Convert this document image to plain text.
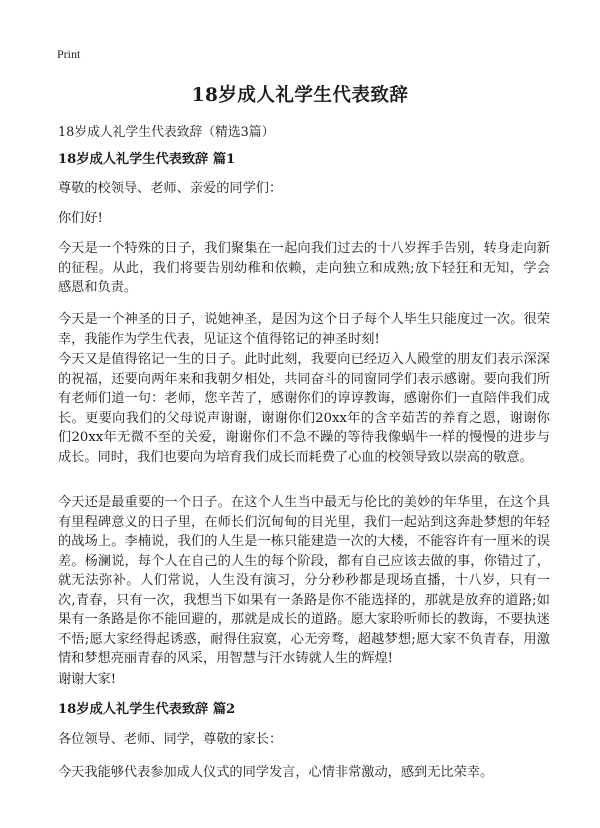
Print
18岁成人礼学生代表致辞
18岁成人礼学生代表致辞（精选3篇）
18岁成人礼学生代表致辞 篇1
尊敬的校领导、老师、亲爱的同学们：
你们好!
今天是一个特殊的日子，我们聚集在一起向我们过去的十八岁挥手告别，转身走向新的征程。从此，我们将要告别幼稚和依赖，走向独立和成熟;放下轻狂和无知，学会感恩和负责。
今天是一个神圣的日子，说她神圣，是因为这个日子每个人毕生只能度过一次。很荣幸，我能作为学生代表，见证这个值得铭记的神圣时刻!
今天又是值得铭记一生的日子。此时此刻，我要向已经迈入人殿堂的朋友们表示深深的祝福，还要向两年来和我朝夕相处，共同奋斗的同窗同学们表示感谢。要向我们所有老师们道一句：老师，您辛苦了，感谢你们的谆谆教诲，感谢你们一直陪伴我们成长。更要向我们的父母说声谢谢，谢谢你们20xx年的含辛茹苦的养育之恩，谢谢你们20xx年无微不至的关爱，谢谢你们不急不躁的等待我像蜗牛一样的慢慢的进步与成长。同时，我们也要向为培育我们成长而耗费了心血的校领导致以崇高的敬意。
今天还是最重要的一个日子。在这个人生当中最无与伦比的美妙的年华里，在这个具有里程碑意义的日子里，在师长们沉甸甸的目光里，我们一起站到这奔赴梦想的年轻的战场上。李楠说，我们的人生是一栋只能建造一次的大楼，不能容许有一厘米的误差。杨澜说，每个人在自己的人生的每个阶段，都有自己应该去做的事，你错过了，就无法弥补。人们常说，人生没有演习，分分秒秒都是现场直播，十八岁，只有一次,青春，只有一次，我想当下如果有一条路是你不能选择的，那就是放弃的道路;如果有一条路是你不能回避的，那就是成长的道路。愿大家聆听师长的教诲，不要执迷不悟;愿大家经得起诱惑，耐得住寂寞，心无旁骛，超越梦想;愿大家不负青春，用激情和梦想亮丽青春的风采，用智慧与汗水铸就人生的辉煌!
谢谢大家!
18岁成人礼学生代表致辞 篇2
各位领导、老师、同学，尊敬的家长：
今天我能够代表参加成人仪式的同学发言，心情非常激动，感到无比荣幸。
